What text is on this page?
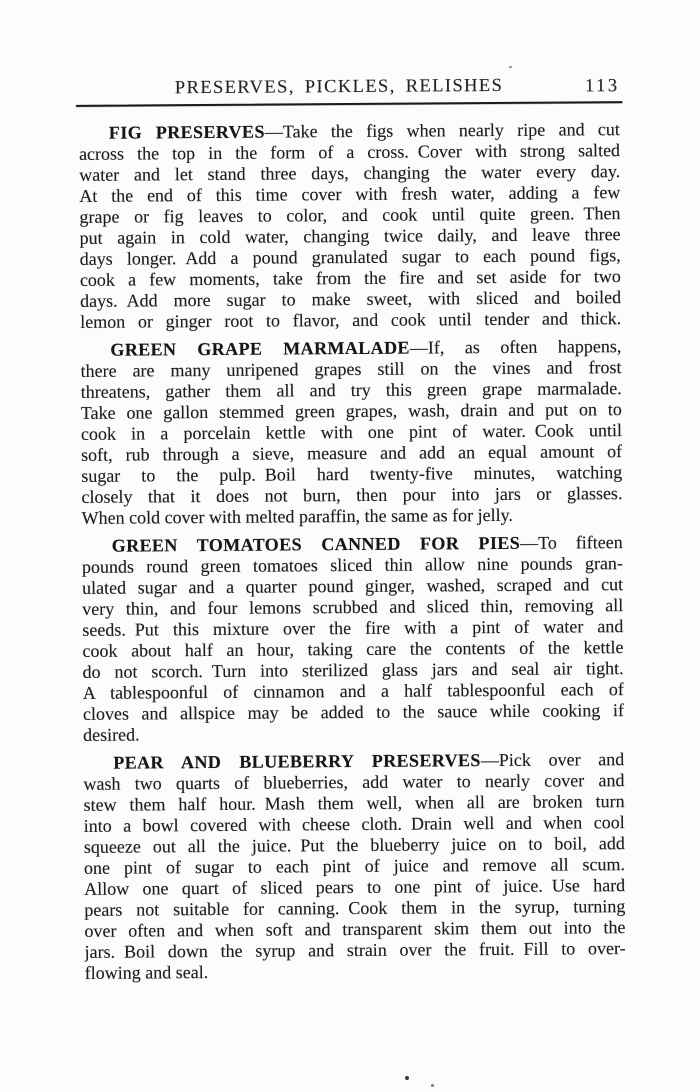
PRESERVES, PICKLES, RELISHES	113
FIG PRESERVES—Take the figs when nearly ripe and cut
across the top in the form of a cross. Cover with strong salted
water and let stand three days, changing the water every day.
At the end of this time cover with fresh water, adding a few
grape or fig leaves to color, and cook until quite green. Then
put again in cold water, changing twice daily, and leave three
days longer. Add a pound granulated sugar to each pound figs,
cook a few moments, take from the fire and set aside for two
days. Add more sugar to make sweet, with sliced and boiled
lemon or ginger root to flavor, and cook until tender and thick.
GREEN GRAPE MARMALADE—If, as often happens,
there are many unripened grapes still on the vines and frost
threatens, gather them all and try this green grape marmalade.
Take one gallon stemmed green grapes, wash, drain and put on to
cook in a porcelain kettle with one pint of water. Cook until
soft, rub through a sieve, measure and add an equal amount of
sugar to the pulp. Boil hard twenty-five minutes, watching
closely that it does not burn, then pour into jars or glasses.
When cold cover with melted paraffin, the same as for jelly.
GREEN TOMATOES CANNED FOR PIES—To fifteen
pounds round green tomatoes sliced thin allow nine pounds gran-
ulated sugar and a quarter pound ginger, washed, scraped and cut
very thin, and four lemons scrubbed and sliced thin, removing all
seeds. Put this mixture over the fire with a pint of water and
cook about half an hour, taking care the contents of the kettle
do not scorch. Turn into sterilized glass jars and seal air tight.
A tablespoonful of cinnamon and a half tablespoonful each of
cloves and allspice may be added to the sauce while cooking if
desired.
PEAR AND BLUEBERRY PRESERVES—Pick over and
wash two quarts of blueberries, add water to nearly cover and
stew them half hour. Mash them well, when all are broken turn
into a bowl covered with cheese cloth. Drain well and when cool
squeeze out all the juice. Put the blueberry juice on to boil, add
one pint of sugar to each pint of juice and remove all scum.
Allow one quart of sliced pears to one pint of juice. Use hard
pears not suitable for canning. Cook them in the syrup, turning
over often and when soft and transparent skim them out into the
jars. Boil down the syrup and strain over the fruit. Fill to over-
flowing and seal.
